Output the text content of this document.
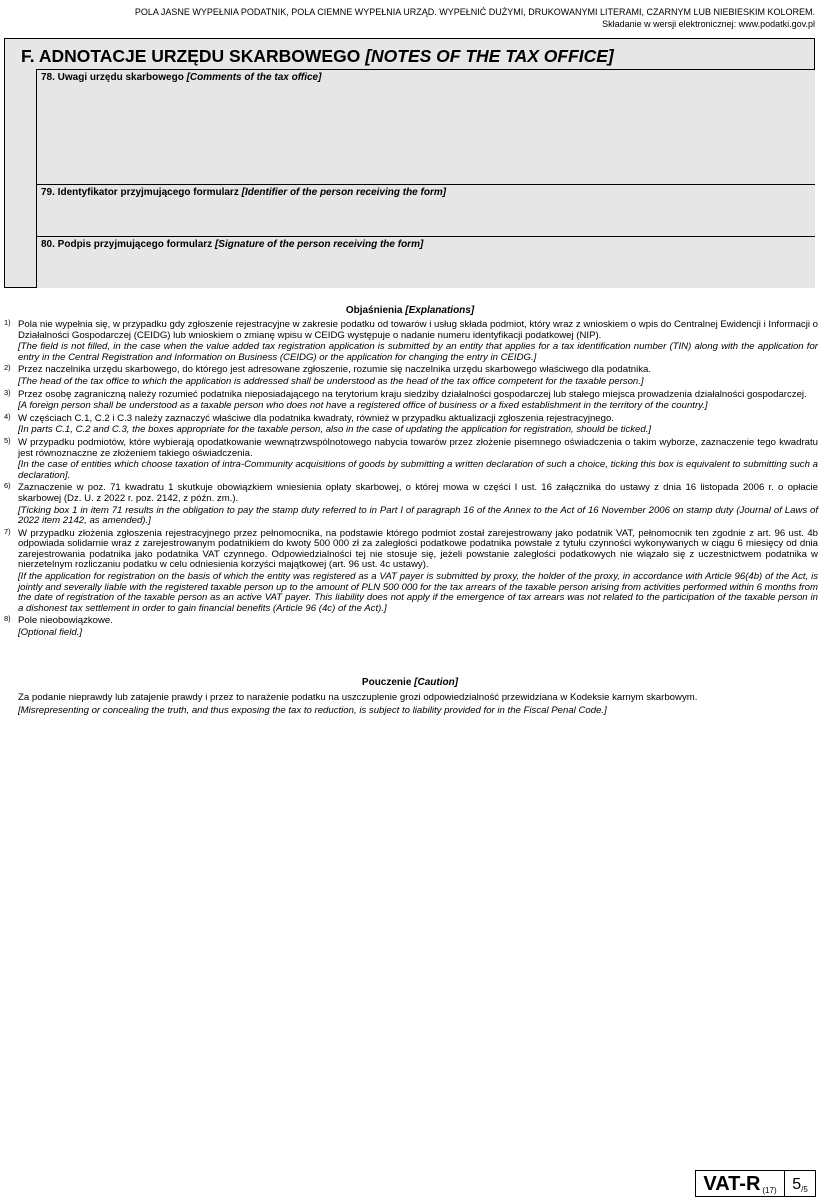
POLA JASNE WYPEŁNIA PODATNIK, POLA CIEMNE WYPEŁNIA URZĄD. WYPEŁNIĆ DUŻYMI, DRUKOWANYMI LITERAMI, CZARNYM LUB NIEBIESKIM KOLOREM.
Składanie w wersji elektronicznej: www.podatki.gov.pl
F. ADNOTACJE URZĘDU SKARBOWEGO [NOTES OF THE TAX OFFICE]
78. Uwagi urzędu skarbowego [Comments of the tax office]
79. Identyfikator przyjmującego formularz [Identifier of the person receiving the form]
80. Podpis przyjmującego formularz [Signature of the person receiving the form]
Objaśnienia [Explanations]
1) Pola nie wypełnia się, w przypadku gdy zgłoszenie rejestracyjne w zakresie podatku od towarów i usług składa podmiot, który wraz z wnioskiem o wpis do Centralnej Ewidencji i Informacji o Działalności Gospodarczej (CEIDG) lub wnioskiem o zmianę wpisu w CEIDG występuje o nadanie numeru identyfikacji podatkowej (NIP).

[The field is not filled, in the case when the value added tax registration application is submitted by an entity that applies for a tax identification number (TIN) along with the application for entry in the Central Registration and Information on Business (CEIDG) or the application for changing the entry in CEIDG.]

2) Przez naczelnika urzędu skarbowego, do którego jest adresowane zgłoszenie, rozumie się naczelnika urzędu skarbowego właściwego dla podatnika.

[The head of the tax office to which the application is addressed shall be understood as the head of the tax office competent for the taxable person.]

3) Przez osobę zagraniczną należy rozumieć podatnika nieposiadającego na terytorium kraju siedziby działalności gospodarczej lub stałego miejsca prowadzenia działalności gospodarczej.

[A foreign person shall be understood as a taxable person who does not have a registered office of business or a fixed establishment in the territory of the country.]

4) W częściach C.1, C.2 i C.3 należy zaznaczyć właściwe dla podatnika kwadraty, również w przypadku aktualizacji zgłoszenia rejestracyjnego.

[In parts C.1, C.2 and C.3, the boxes appropriate for the taxable person, also in the case of updating the application for registration, should be ticked.]

5) W przypadku podmiotów, które wybierają opodatkowanie wewnątrzwspólnotowego nabycia towarów przez złożenie pisemnego oświadczenia o takim wyborze, zaznaczenie tego kwadratu jest równoznaczne ze złożeniem takiego oświadczenia.

[In the case of entities which choose taxation of intra-Community acquisitions of goods by submitting a written declaration of such a choice, ticking this box is equivalent to submitting such a declaration].

6) Zaznaczenie w poz. 71 kwadratu 1 skutkuje obowiązkiem wniesienia opłaty skarbowej, o której mowa w części I ust. 16 załącznika do ustawy z dnia 16 listopada 2006 r. o opłacie skarbowej (Dz. U. z 2022 r. poz. 2142, z późn. zm.).

[Ticking box 1 in item 71 results in the obligation to pay the stamp duty referred to in Part I of paragraph 16 of the Annex to the Act of 16 November 2006 on stamp duty (Journal of Laws of 2022 item 2142, as amended).]

7) W przypadku złożenia zgłoszenia rejestracyjnego przez pełnomocnika, na podstawie którego podmiot został zarejestrowany jako podatnik VAT, pełnomocnik ten zgodnie z art. 96 ust. 4b odpowiada solidarnie wraz z zarejestrowanym podatnikiem do kwoty 500 000 zł za zaległości podatkowe podatnika powstałe z tytułu czynności wykonywanych w ciągu 6 miesięcy od dnia zarejestrowania podatnika jako podatnika VAT czynnego. Odpowiedzialności tej nie stosuje się, jeżeli powstanie zaległości podatkowych nie wiązało się z uczestnictwem podatnika w nierzetelnym rozliczaniu podatku w celu odniesienia korzyści majątkowej (art. 96 ust. 4c ustawy).

[If the application for registration on the basis of which the entity was registered as a VAT payer is submitted by proxy, the holder of the proxy, in accordance with Article 96(4b) of the Act, is jointly and severally liable with the registered taxable person up to the amount of PLN 500 000 for the tax arrears of the taxable person arising from activities performed within 6 months from the date of registration of the taxable person as an active VAT payer. This liability does not apply if the emergence of tax arrears was not related to the participation of the taxable person in a dishonest tax settlement in order to gain financial benefits (Article 96 (4c) of the Act).]

8) Pole nieobowiązkowe.

[Optional field.]

Pouczenie [Caution]
Za podanie nieprawdy lub zatajenie prawdy i przez to narażenie podatku na uszczuplenie grozi odpowiedzialność przewidziana w Kodeksie karnym skarbowym.
[Misrepresenting or concealing the truth, and thus exposing the tax to reduction, is subject to liability provided for in the Fiscal Penal Code.]
VAT-R (17) 5 /5
